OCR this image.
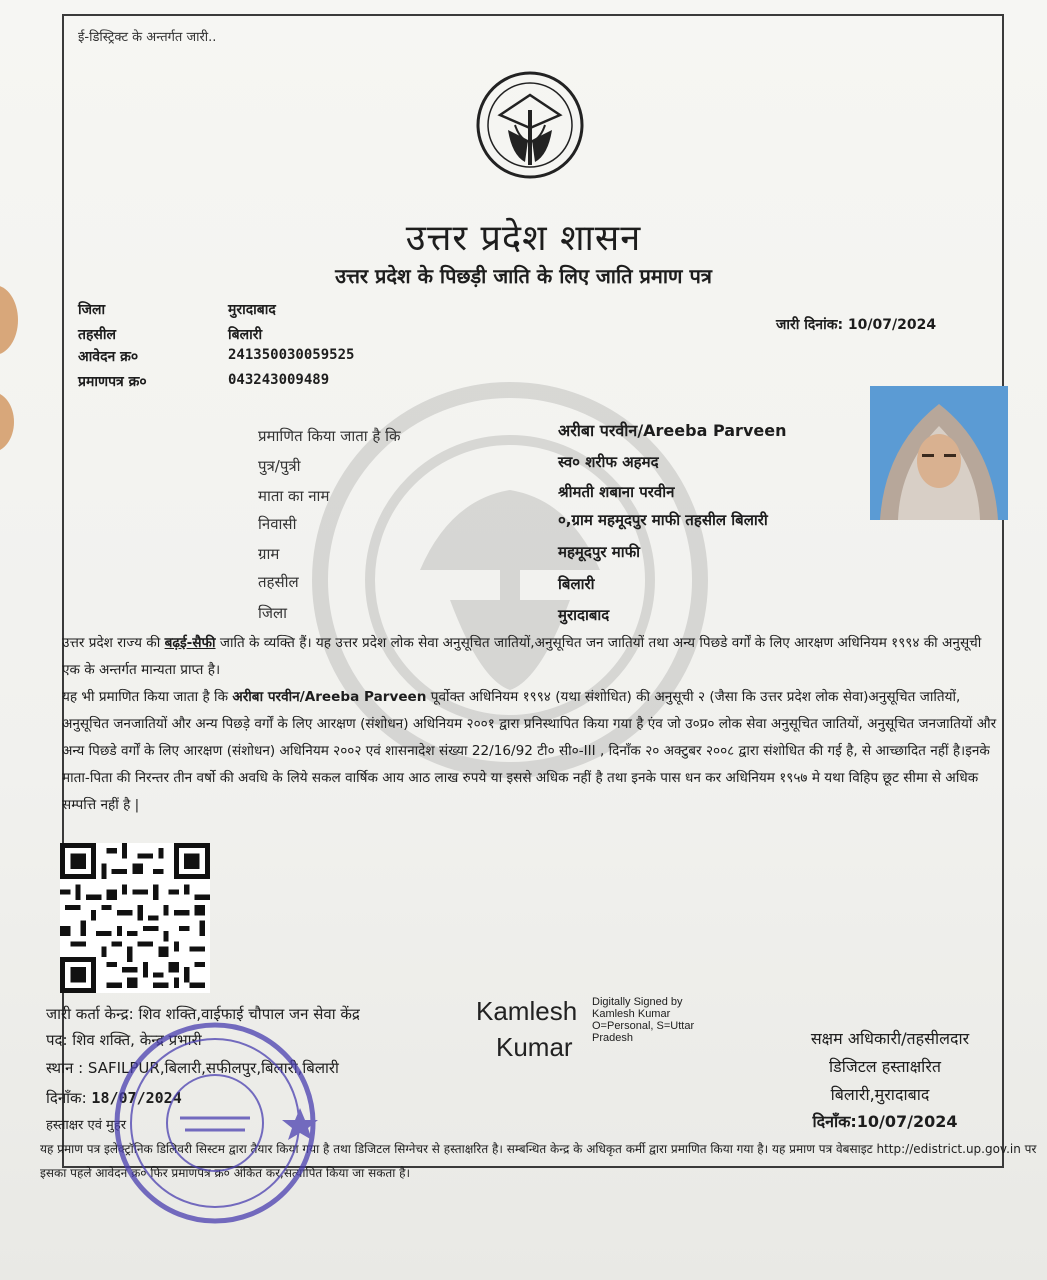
ई-डिस्ट्रिक्ट के अन्तर्गत जारी..
उत्तर प्रदेश शासन
उत्तर प्रदेश के पिछड़ी जाति के लिए जाति प्रमाण पत्र
जिला	मुरादाबाद
तहसील	बिलारी
आवेदन क्र०	241350030059525
प्रमाणपत्र क्र०	043243009489
जारी दिनांक: 10/07/2024
प्रमाणित किया जाता है कि	अरीबा परवीन/Areeba Parveen
पुत्र/पुत्री	स्व० शरीफ अहमद
माता का नाम	श्रीमती शबाना परवीन
निवासी	०,ग्राम महमूदपुर माफी तहसील बिलारी
ग्राम	महमूदपुर माफी
तहसील	बिलारी
जिला	मुरादाबाद
उत्तर प्रदेश राज्य की बढ़ई-सैफी जाति के व्यक्ति हैं। यह उत्तर प्रदेश लोक सेवा अनुसूचित जातियों,अनुसूचित जन जातियों तथा अन्य पिछडे वर्गों के लिए आरक्षण अधिनियम १९९४ की अनुसूची एक के अन्तर्गत मान्यता प्राप्त है।
यह भी प्रमाणित किया जाता है कि अरीबा परवीन/Areeba Parveen पूर्वोक्त अधिनियम १९९४ (यथा संशोधित) की अनुसूची २ (जैसा कि उत्तर प्रदेश लोक सेवा)अनुसूचित जातियों, अनुसूचित जनजातियों और अन्य पिछड़े वर्गों के लिए आरक्षण (संशोधन) अधिनियम २००१ द्वारा प्रनिस्थापित किया गया है एंव जो उ०प्र० लोक सेवा अनुसूचित जातियों, अनुसूचित जनजातियों और अन्य पिछडे वर्गों के लिए आरक्षण (संशोधन) अधिनियम २००२ एवं शासनादेश संख्या 22/16/92 टी० सी०-III , दिनाँक २० अक्टुबर २००८ द्वारा संशोधित की गई है, से आच्छादित नहीं है।इनके माता-पिता की निरन्तर तीन वर्षो की अवधि के लिये सकल वार्षिक आय आठ लाख रुपये या इससे अधिक नहीं है तथा इनके पास धन कर अधिनियम १९५७ मे यथा विहिप छूट सीमा से अधिक सम्पत्ति नहीं है |
जारी कर्ता केन्द्र: शिव शक्ति,वाईफाई चौपाल जन सेवा केंद्र
पद: शिव शक्ति, केन्द्र प्रभारी
स्थान : SAFILPUR,बिलारी,सफीलपुर,बिलारी,बिलारी
दिनाँक: 18/07/2024
हस्ताक्षर एवं मुहर
Kamlesh
Kumar
Digitally Signed by Kamlesh Kumar O=Personal, S=Uttar Pradesh	सक्षम अधिकारी/तहसीलदार
डिजिटल हस्ताक्षरित
बिलारी,मुरादाबाद
दिनाँक:10/07/2024
यह प्रमाण पत्र इलेक्ट्रॉनिक डिलिवरी सिस्टम द्वारा तैयार किया गया है तथा डिजिटल सिग्नेचर से हस्ताक्षरित है। सम्बन्धित केन्द्र के अधिकृत कर्मी द्वारा प्रमाणित किया गया है। यह प्रमाण पत्र वेबसाइट http://edistrict.up.gov.in पर इसका पहले आवेदन क्र० फिर प्रमाणपत्र क्र० अंकित कर,सत्यापित किया जा सकता है।
